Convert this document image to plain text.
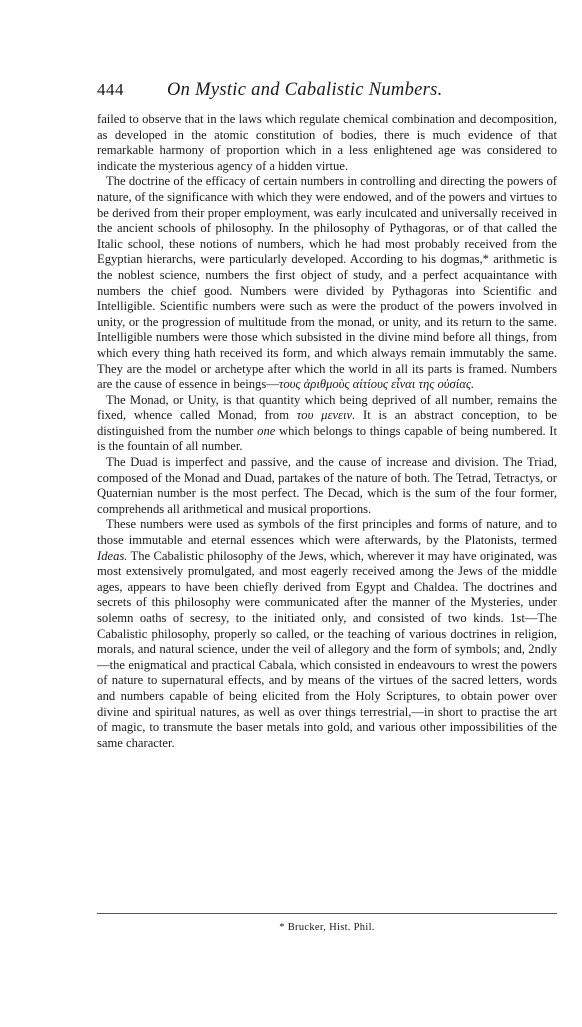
444	On Mystic and Cabalistic Numbers.

failed to observe that in the laws which regulate chemical combination and decomposition, as developed in the atomic constitution of bodies, there is much evidence of that remarkable harmony of proportion which in a less enlightened age was considered to indicate the mysterious agency of a hidden virtue.

The doctrine of the efficacy of certain numbers in controlling and directing the powers of nature, of the significance with which they were endowed, and of the powers and virtues to be derived from their proper employment, was early inculcated and universally received in the ancient schools of philosophy. In the philosophy of Pythagoras, or of that called the Italic school, these notions of numbers, which he had most probably received from the Egyptian hierarchs, were particularly developed. According to his dogmas,* arithmetic is the noblest science, numbers the first object of study, and a perfect acquaintance with numbers the chief good. Numbers were divided by Pythagoras into Scientific and Intelligible. Scientific numbers were such as were the product of the powers involved in unity, or the progression of multitude from the monad, or unity, and its return to the same. Intelligible numbers were those which subsisted in the divine mind before all things, from which every thing hath received its form, and which always remain immutably the same. They are the model or archetype after which the world in all its parts is framed. Numbers are the cause of essence in beings—τους ἀριθμοὺς αἰτίους εἶναι της οὐσίας.

The Monad, or Unity, is that quantity which being deprived of all number, remains the fixed, whence called Monad, from του μενειν. It is an abstract conception, to be distinguished from the number one which belongs to things capable of being numbered. It is the fountain of all number.

The Duad is imperfect and passive, and the cause of increase and division. The Triad, composed of the Monad and Duad, partakes of the nature of both. The Tetrad, Tetractys, or Quaternian number is the most perfect. The Decad, which is the sum of the four former, comprehends all arithmetical and musical proportions.

These numbers were used as symbols of the first principles and forms of nature, and to those immutable and eternal essences which were afterwards, by the Platonists, termed Ideas. The Cabalistic philosophy of the Jews, which, wherever it may have originated, was most extensively promulgated, and most eagerly received among the Jews of the middle ages, appears to have been chiefly derived from Egypt and Chaldea. The doctrines and secrets of this philosophy were communicated after the manner of the Mysteries, under solemn oaths of secresy, to the initiated only, and consisted of two kinds. 1st—The Cabalistic philosophy, properly so called, or the teaching of various doctrines in religion, morals, and natural science, under the veil of allegory and the form of symbols; and, 2ndly—the enigmatical and practical Cabala, which consisted in endeavours to wrest the powers of nature to supernatural effects, and by means of the virtues of the sacred letters, words and numbers capable of being elicited from the Holy Scriptures, to obtain power over divine and spiritual natures, as well as over things terrestrial,—in short to practise the art of magic, to transmute the baser metals into gold, and various other impossibilities of the same character.

* Brucker, Hist. Phil.
